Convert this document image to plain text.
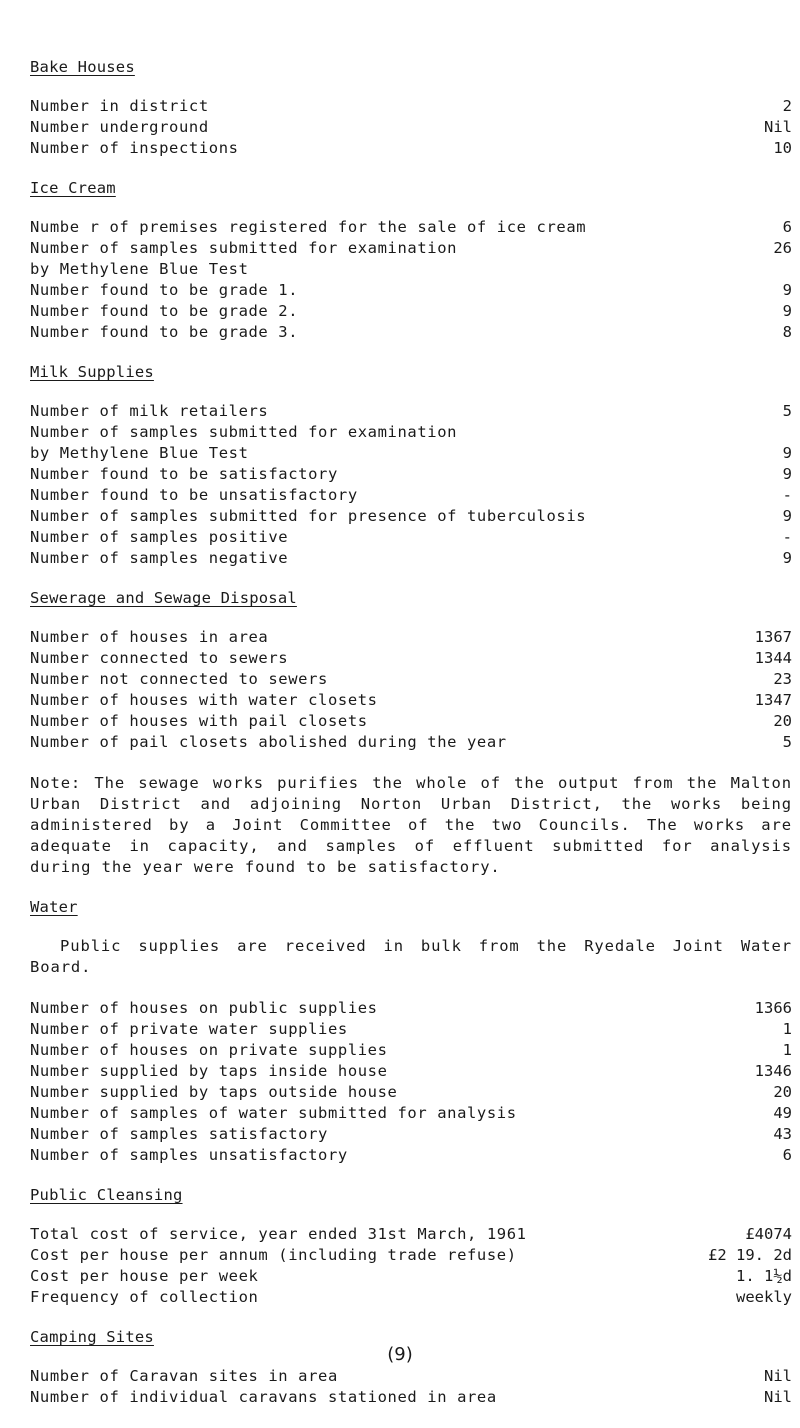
Bake Houses
Number in district	2
Number underground	Nil
Number of inspections	10
Ice Cream
Numbe r of premises registered for the sale of ice cream	6
Number of samples submitted for examination	26
by Methylene Blue Test
Number found to be grade 1.	9
Number found to be grade 2.	9
Number found to be grade 3.	8
Milk Supplies
Number of milk retailers	5
Number of samples submitted for examination
by Methylene Blue Test	9
Number found to be satisfactory	9
Number found to be unsatisfactory	-
Number of samples submitted for presence of tuberculosis	9
Number of samples positive	-
Number of samples negative	9
Sewerage and Sewage Disposal
Number of houses in area	1367
Number connected to sewers	1344
Number not connected to sewers	23
Number of houses with water closets	1347
Number of houses with pail closets	20
Number of pail closets abolished during the year	5

Note: The sewage works purifies the whole of the output from the Malton Urban District and adjoining Norton Urban District, the works being administered by a Joint Committee of the two Councils. The works are adequate in capacity, and samples of effluent submitted for analysis during the year were found to be satisfactory.

Water

Public supplies are received in bulk from the Ryedale Joint Water Board.

Number of houses on public supplies	1366
Number of private water supplies	1
Number of houses on private supplies	1
Number supplied by taps inside house	1346
Number supplied by taps outside house	20
Number of samples of water submitted for analysis	49
Number of samples satisfactory	43
Number of samples unsatisfactory	6
Public Cleansing
Total cost of service, year ended 31st March, 1961	£4074
Cost per house per annum (including trade refuse)	£2 19. 2d
Cost per house per week	1. 1½d
Frequency of collection	weekly
Camping Sites
Number of Caravan sites in area	Nil
Number of individual caravans stationed in area	Nil
(9)
